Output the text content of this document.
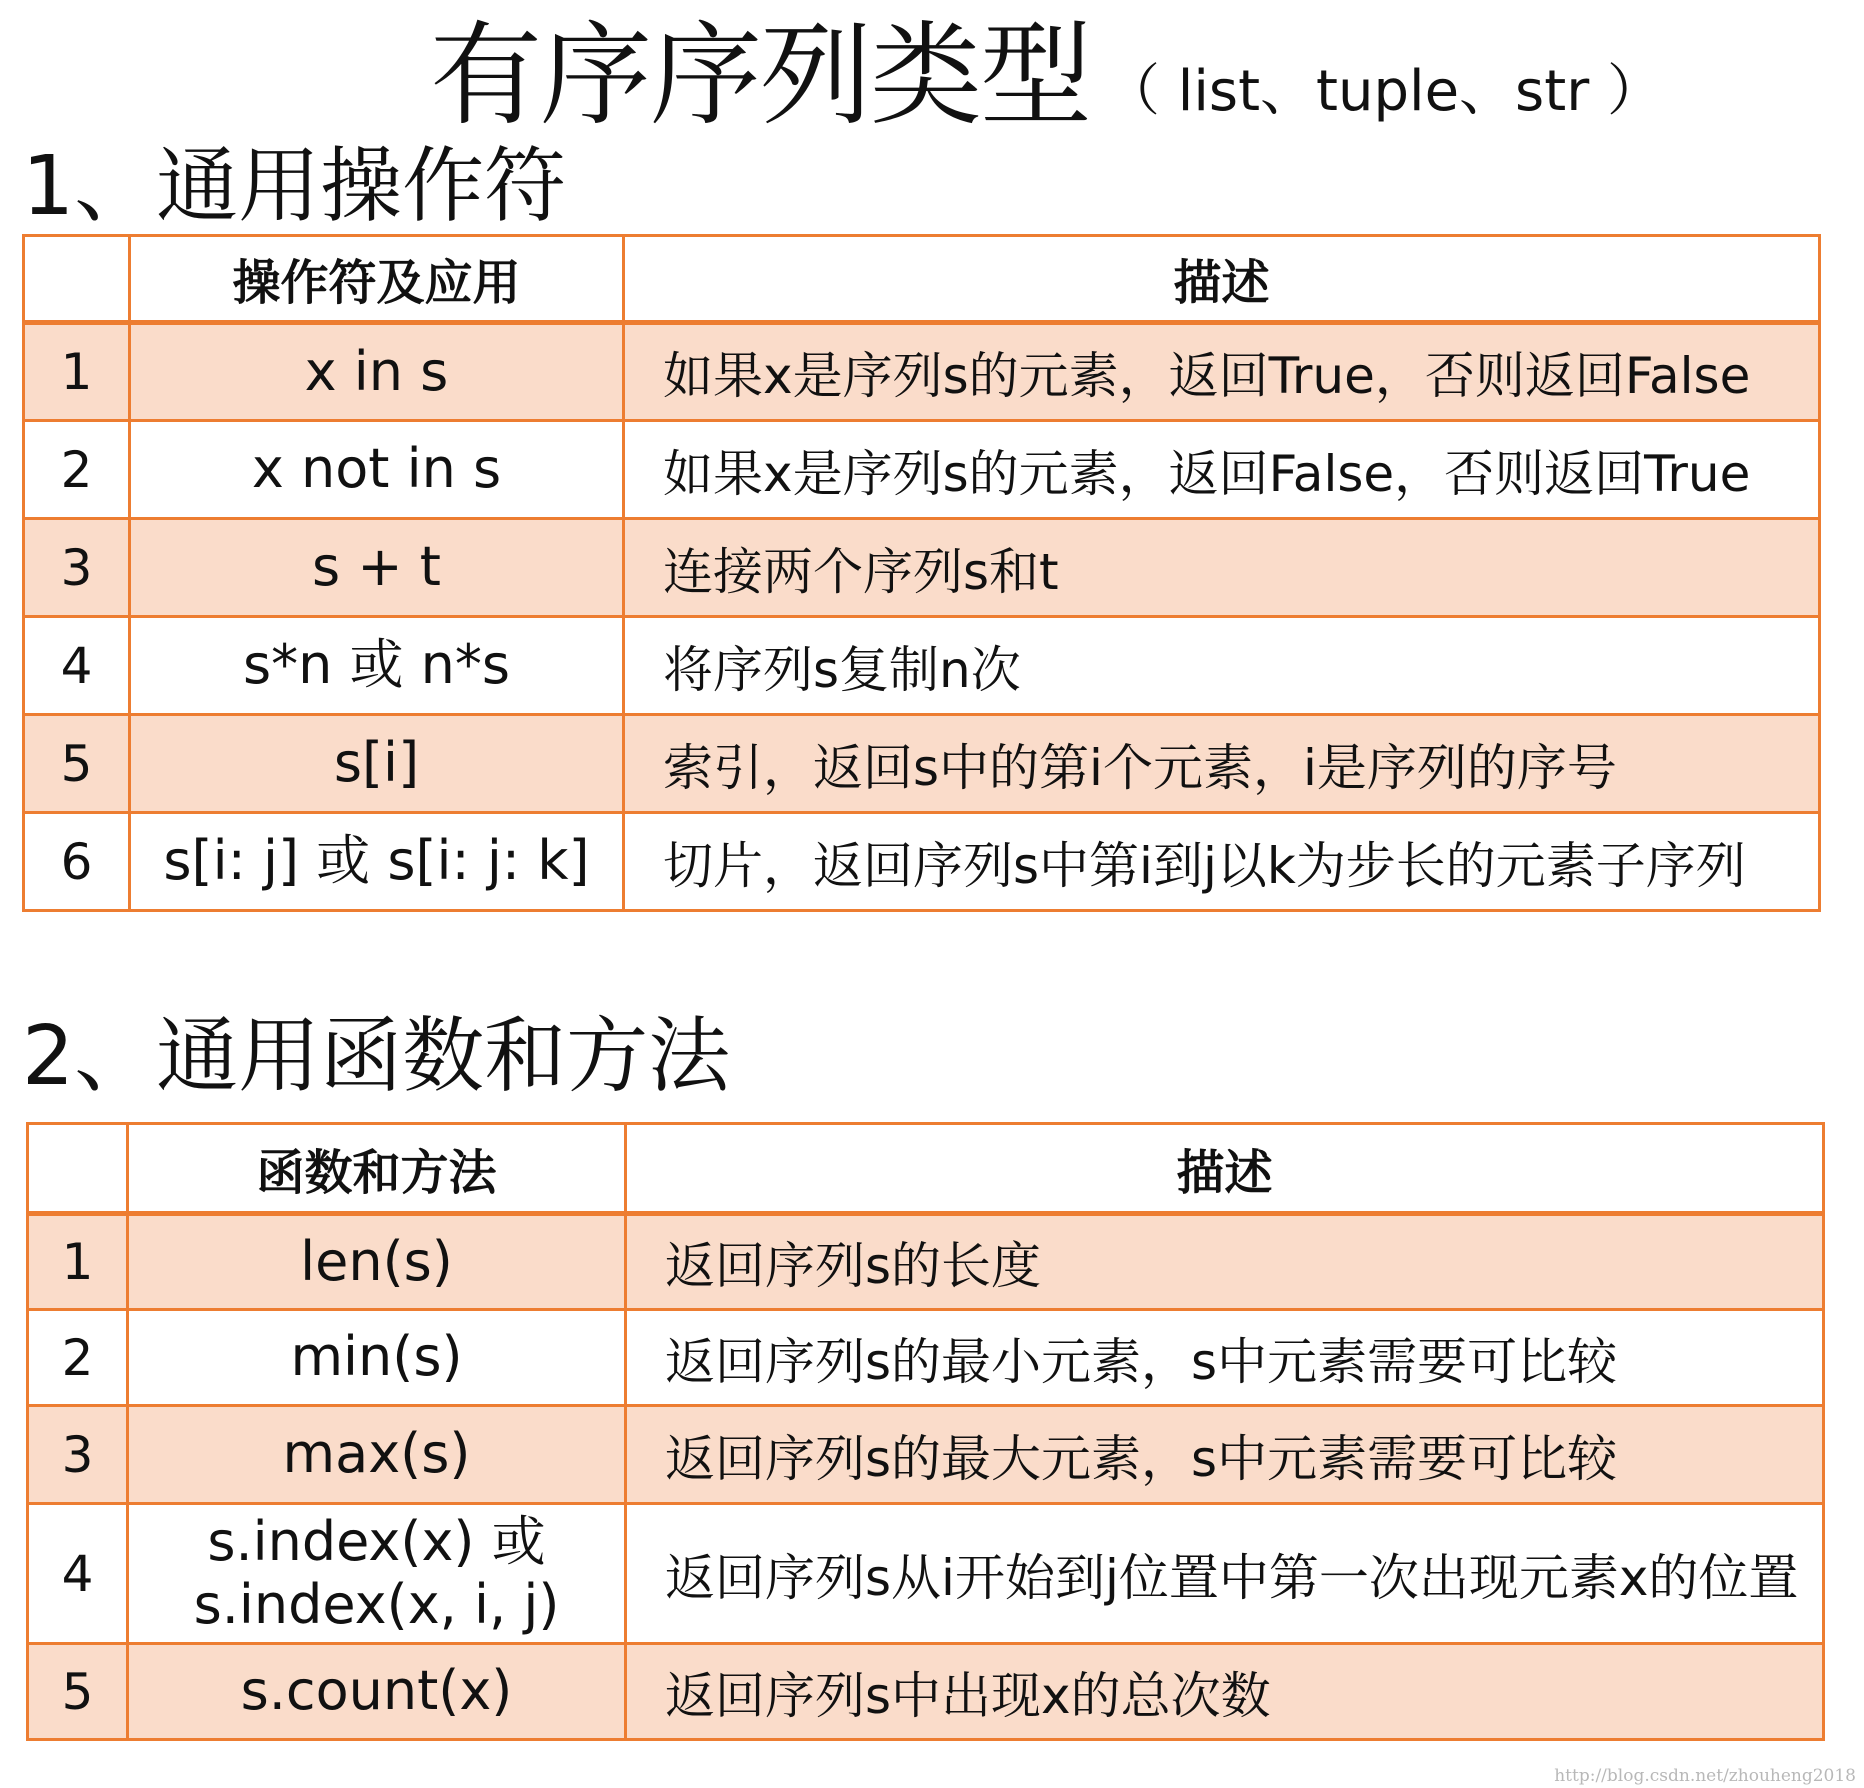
有序序列类型 （ list、tuple、str ）
1、通用操作符
	操作符及应用	描述
1	x in s	如果x是序列s的元素，返回True，否则返回False
2	x not in s	如果x是序列s的元素，返回False，否则返回True
3	s + t	连接两个序列s和t
4	s*n 或 n*s	将序列s复制n次
5	s[i]	索引，返回s中的第i个元素，i是序列的序号
6	s[i: j] 或 s[i: j: k]	切片，返回序列s中第i到j以k为步长的元素子序列
2、通用函数和方法
	函数和方法	描述
1	len(s)	返回序列s的长度
2	min(s)	返回序列s的最小元素，s中元素需要可比较
3	max(s)	返回序列s的最大元素，s中元素需要可比较
4	s.index(x) 或 s.index(x, i, j)	返回序列s从i开始到j位置中第一次出现元素x的位置
5	s.count(x)	返回序列s中出现x的总次数
http://blog.csdn.net/zhouheng2018
